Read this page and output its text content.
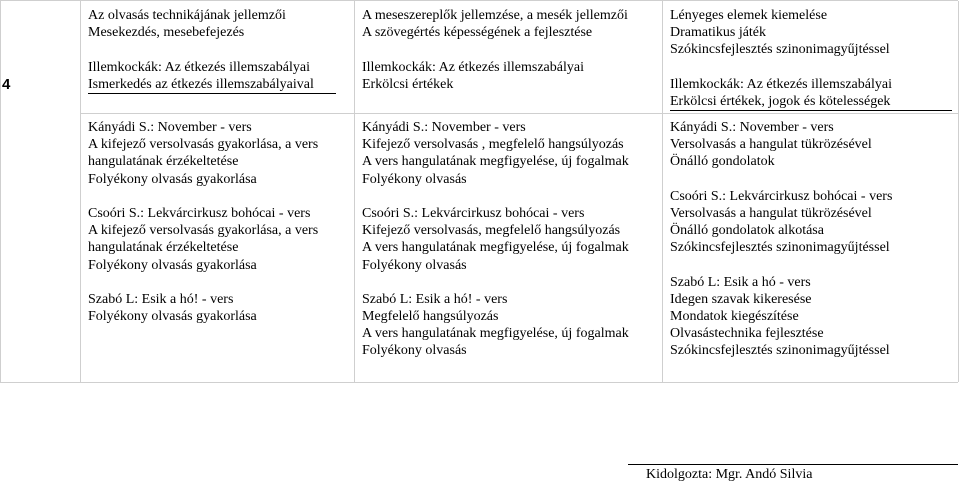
4
Az olvasás technikájának jellemzői
Mesekezdés, mesebefejezés
Illemkockák: Az étkezés illemszabályai
Ismerkedés az étkezés illemszabályaival
A meseszereplők jellemzése, a mesék jellemzői
A szövegértés képességének a fejlesztése
Illemkockák: Az étkezés illemszabályai
Erkölcsi értékek
Lényeges elemek kiemelése
Dramatikus játék
Szókincsfejlesztés szinonimagyűjtéssel
Illemkockák: Az étkezés illemszabályai
Erkölcsi értékek, jogok és kötelességek
Kányádi S.: November - vers
A kifejező versolvasás gyakorlása, a vers
hangulatának érzékeltetése
Folyékony olvasás gyakorlása
Csoóri S.: Lekvárcirkusz bohócai - vers
A kifejező versolvasás gyakorlása, a vers
hangulatának érzékeltetése
Folyékony olvasás gyakorlása
Szabó L: Esik a hó! - vers
Folyékony olvasás gyakorlása
Kányádi S.: November - vers
Kifejező versolvasás , megfelelő hangsúlyozás
A vers hangulatának megfigyelése, új fogalmak
Folyékony olvasás
Csoóri S.: Lekvárcirkusz bohócai - vers
Kifejező versolvasás, megfelelő hangsúlyozás
A vers hangulatának megfigyelése, új fogalmak
Folyékony olvasás
Szabó L: Esik a hó! - vers
Megfelelő hangsúlyozás
A vers hangulatának megfigyelése, új fogalmak
Folyékony olvasás
Kányádi S.: November - vers
Versolvasás a hangulat tükrözésével
Önálló gondolatok
Csoóri S.: Lekvárcirkusz bohócai - vers
Versolvasás a hangulat tükrözésével
Önálló gondolatok alkotása
Szókincsfejlesztés szinonimagyűjtéssel
Szabó L: Esik a hó - vers
Idegen szavak kikeresése
Mondatok kiegészítése
Olvasástechnika fejlesztése
Szókincsfejlesztés szinonimagyűjtéssel
Kidolgozta: Mgr. Andó Silvia
